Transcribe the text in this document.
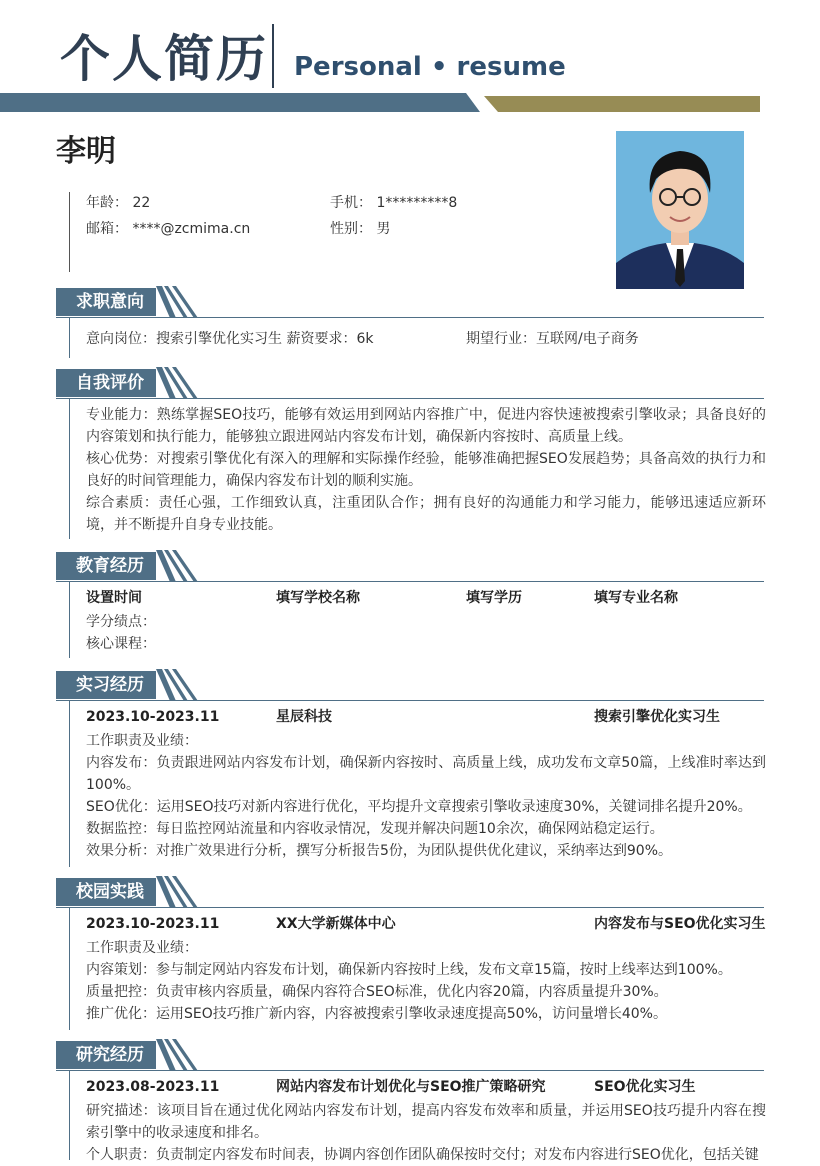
个人简历 Personal • resume
李明
年龄： 22	手机： 1*********8
邮箱： ****@zcmima.cn	性别： 男
求职意向
意向岗位：搜索引擎优化实习生 薪资要求：6k	期望行业：互联网/电子商务
自我评价
专业能力：熟练掌握SEO技巧，能够有效运用到网站内容推广中，促进内容快速被搜索引擎收录；具备良好的内容策划和执行能力，能够独立跟进网站内容发布计划，确保新内容按时、高质量上线。
核心优势：对搜索引擎优化有深入的理解和实际操作经验，能够准确把握SEO发展趋势；具备高效的执行力和良好的时间管理能力，确保内容发布计划的顺利实施。
综合素质：责任心强，工作细致认真，注重团队合作；拥有良好的沟通能力和学习能力，能够迅速适应新环境，并不断提升自身专业技能。
教育经历
设置时间	填写学校名称	填写学历	填写专业名称
学分绩点：
核心课程：
实习经历
2023.10-2023.11	星辰科技	搜索引擎优化实习生
工作职责及业绩：
内容发布：负责跟进网站内容发布计划，确保新内容按时、高质量上线，成功发布文章50篇，上线准时率达到100%。
SEO优化：运用SEO技巧对新内容进行优化，平均提升文章搜索引擎收录速度30%，关键词排名提升20%。
数据监控：每日监控网站流量和内容收录情况，发现并解决问题10余次，确保网站稳定运行。
效果分析：对推广效果进行分析，撰写分析报告5份，为团队提供优化建议，采纳率达到90%。
校园实践
2023.10-2023.11	XX大学新媒体中心	内容发布与SEO优化实习生
工作职责及业绩：
内容策划：参与制定网站内容发布计划，确保新内容按时上线，发布文章15篇，按时上线率达到100%。
质量把控：负责审核内容质量，确保内容符合SEO标准，优化内容20篇，内容质量提升30%。
推广优化：运用SEO技巧推广新内容，内容被搜索引擎收录速度提高50%，访问量增长40%。
研究经历
2023.08-2023.11	网站内容发布计划优化与SEO推广策略研究	SEO优化实习生
研究描述：该项目旨在通过优化网站内容发布计划，提高内容发布效率和质量，并运用SEO技巧提升内容在搜索引擎中的收录速度和排名。
个人职责：负责制定内容发布时间表，协调内容创作团队确保按时交付；对发布内容进行SEO优化，包括关键
